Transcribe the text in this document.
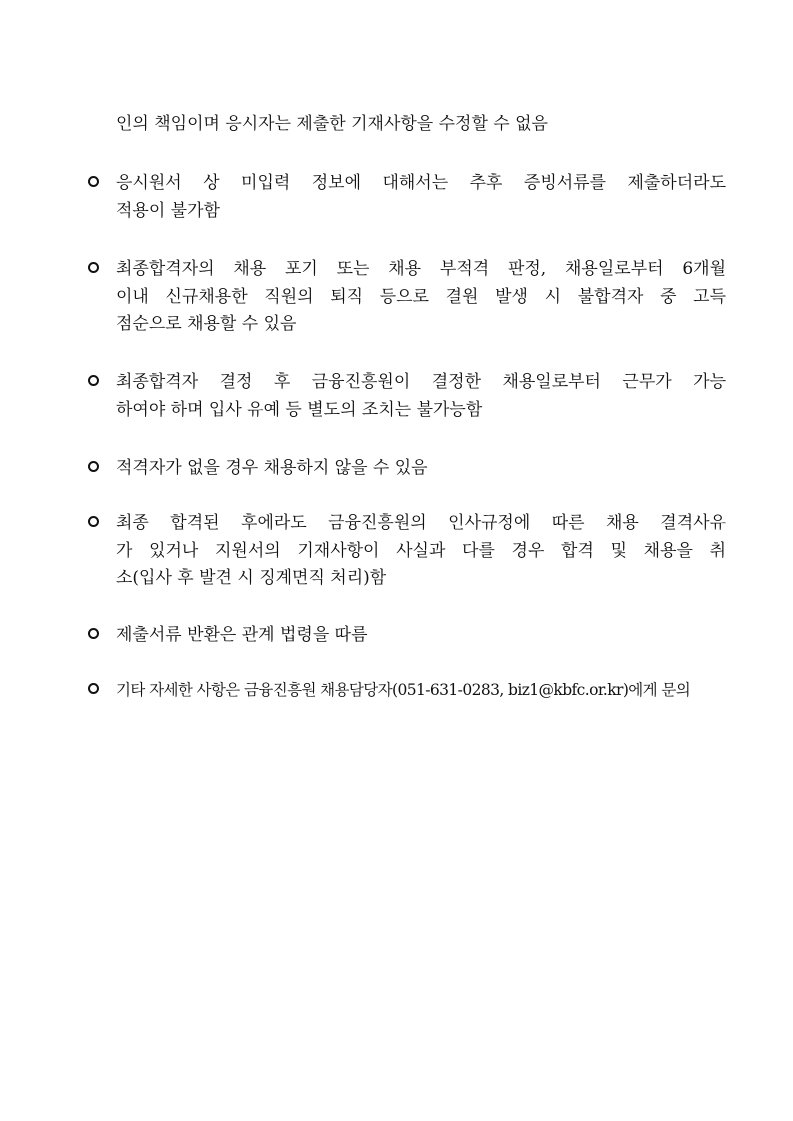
인의 책임이며 응시자는 제출한 기재사항을 수정할 수 없음
응시원서 상 미입력 정보에 대해서는 추후 증빙서류를 제출하더라도
적용이 불가함
최종합격자의 채용 포기 또는 채용 부적격 판정, 채용일로부터 6개월
이내 신규채용한 직원의 퇴직 등으로 결원 발생 시 불합격자 중 고득
점순으로 채용할 수 있음
최종합격자 결정 후 금융진흥원이 결정한 채용일로부터 근무가 가능
하여야 하며 입사 유예 등 별도의 조치는 불가능함
적격자가 없을 경우 채용하지 않을 수 있음
최종 합격된 후에라도 금융진흥원의 인사규정에 따른 채용 결격사유
가 있거나 지원서의 기재사항이 사실과 다를 경우 합격 및 채용을 취
소(입사 후 발견 시 징계면직 처리)함
제출서류 반환은 관계 법령을 따름
기타 자세한 사항은 금융진흥원 채용담당자(051-631-0283, biz1@kbfc.or.kr)에게 문의
